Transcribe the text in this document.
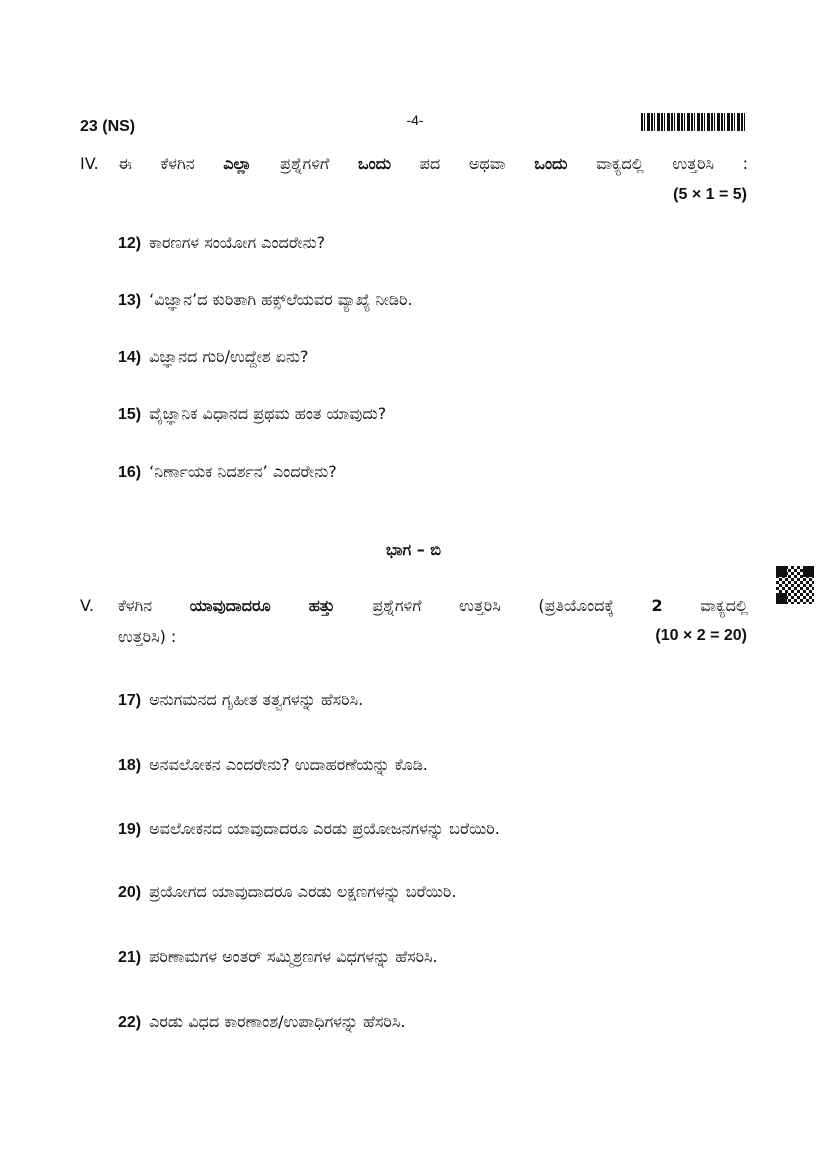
23 (NS)	-4-
IV. ಈ ಕೆಳಗಿನ ಎಲ್ಲಾ ಪ್ರಶ್ನೆಗಳಿಗೆ ಒಂದು ಪದ ಅಥವಾ ಒಂದು ವಾಕ್ಯದಲ್ಲಿ ಉತ್ತರಿಸಿ :
(5 × 1 = 5)
12) ಕಾರಣಗಳ ಸಂಯೋಗ ಎಂದರೇನು?
13) ‘ವಿಜ್ಞಾನ’ದ ಕುರಿತಾಗಿ ಹಕ್ಸ್‌ಲೆಯವರ ವ್ಯಾಖ್ಯೆ ನೀಡಿರಿ.
14) ವಿಜ್ಞಾನದ ಗುರಿ/ಉದ್ದೇಶ ಏನು?
15) ವೈಜ್ಞಾನಿಕ ವಿಧಾನದ ಪ್ರಥಮ ಹಂತ ಯಾವುದು?
16) ‘ನಿರ್ಣಾಯಕ ನಿದರ್ಶನ’ ಎಂದರೇನು?
ಭಾಗ – ಬಿ
V. ಕೆಳಗಿನ ಯಾವುದಾದರೂ ಹತ್ತು ಪ್ರಶ್ನೆಗಳಿಗೆ ಉತ್ತರಿಸಿ (ಪ್ರತಿಯೊಂದಕ್ಕೆ 2 ವಾಕ್ಯದಲ್ಲಿ
ಉತ್ತರಿಸಿ) :	(10 × 2 = 20)
17) ಅನುಗಮನದ ಗೃಹೀತ ತತ್ವಗಳನ್ನು ಹೆಸರಿಸಿ.
18) ಅನವಲೋಕನ ಎಂದರೇನು? ಉದಾಹರಣೆಯನ್ನು ಕೊಡಿ.
19) ಅವಲೋಕನದ ಯಾವುದಾದರೂ ಎರಡು ಪ್ರಯೋಜನಗಳನ್ನು ಬರೆಯಿರಿ.
20) ಪ್ರಯೋಗದ ಯಾವುದಾದರೂ ಎರಡು ಲಕ್ಷಣಗಳನ್ನು ಬರೆಯಿರಿ.
21) ಪರಿಣಾಮಗಳ ಅಂತರ್ ಸಮ್ಮಿಶ್ರಣಗಳ ವಿಧಗಳನ್ನು ಹೆಸರಿಸಿ.
22) ಎರಡು ವಿಧದ ಕಾರಣಾಂಶ/ಉಪಾಧಿಗಳನ್ನು ಹೆಸರಿಸಿ.
